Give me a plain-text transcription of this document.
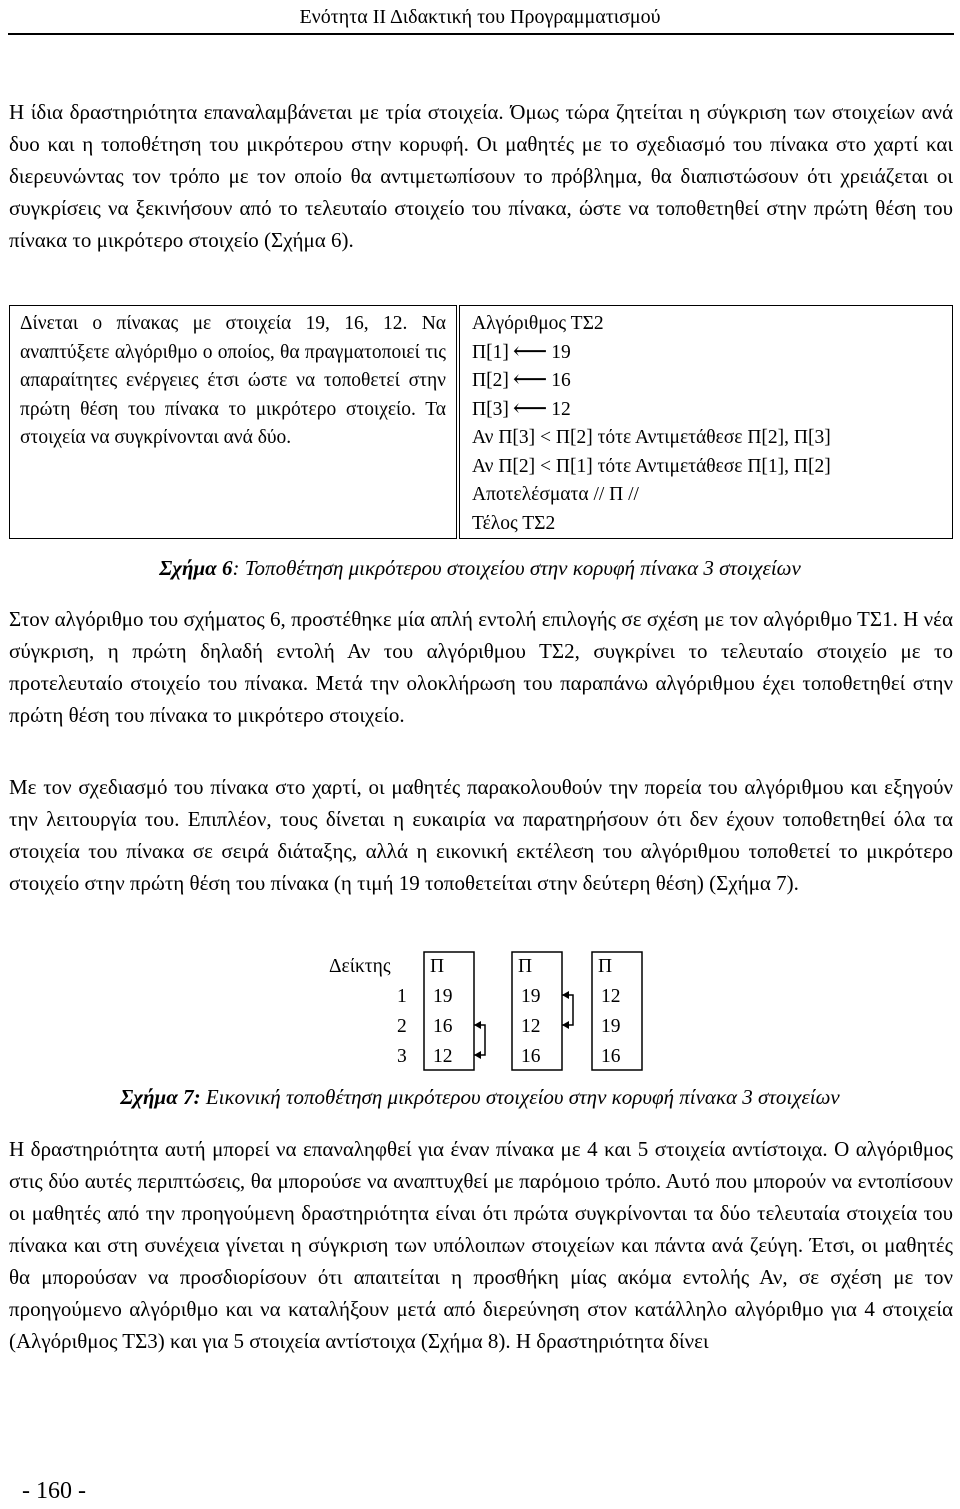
Ενότητα ΙΙ Διδακτική του Προγραμματισμού

Η ίδια δραστηριότητα επαναλαμβάνεται με τρία στοιχεία. Όμως τώρα ζητείται η σύγκριση των στοιχείων ανά δυο και η τοποθέτηση του μικρότερου στην κορυφή. Οι μαθητές με το σχεδιασμό του πίνακα στο χαρτί και διερευνώντας τον τρόπο με τον οποίο θα αντιμετωπίσουν το πρόβλημα, θα διαπιστώσουν ότι χρειάζεται οι συγκρίσεις να ξεκινήσουν από το τελευταίο στοιχείο του πίνακα, ώστε να τοποθετηθεί στην πρώτη θέση του πίνακα το μικρότερο στοιχείο (Σχήμα 6).

Δίνεται ο πίνακας με στοιχεία 19, 16, 12. Να αναπτύξετε αλγόριθμο ο οποίος, θα πραγματοποιεί τις απαραίτητες ενέργειες έτσι ώστε να τοποθετεί στην πρώτη θέση του πίνακα το μικρότερο στοιχείο. Τα στοιχεία να συγκρίνονται ανά δύο.

Αλγόριθμος ΤΣ2
Π[1] ⟵ 19
Π[2] ⟵ 16
Π[3] ⟵ 12
Αν Π[3] < Π[2] τότε Αντιμετάθεσε Π[2], Π[3]
Αν Π[2] < Π[1] τότε Αντιμετάθεσε Π[1], Π[2]
Αποτελέσματα // Π //
Τέλος ΤΣ2
Σχήμα 6: Τοποθέτηση μικρότερου στοιχείου στην κορυφή πίνακα 3 στοιχείων

Στον αλγόριθμο του σχήματος 6, προστέθηκε μία απλή εντολή επιλογής σε σχέση με τον αλγόριθμο ΤΣ1. Η νέα σύγκριση, η πρώτη δηλαδή εντολή Αν του αλγόριθμου ΤΣ2, συγκρίνει το τελευταίο στοιχείο με το προτελευταίο στοιχείο του πίνακα. Μετά την ολοκλήρωση του παραπάνω αλγόριθμου έχει τοποθετηθεί στην πρώτη θέση του πίνακα το μικρότερο στοιχείο.

Με τον σχεδιασμό του πίνακα στο χαρτί, οι μαθητές παρακολουθούν την πορεία του αλγόριθμου και εξηγούν την λειτουργία του. Επιπλέον, τους δίνεται η ευκαιρία να παρατηρήσουν ότι δεν έχουν τοποθετηθεί όλα τα στοιχεία του πίνακα σε σειρά διάταξης, αλλά η εικονική εκτέλεση του αλγόριθμου τοποθετεί το μικρότερο στοιχείο στην πρώτη θέση του πίνακα (η τιμή 19 τοποθετείται στην δεύτερη θέση) (Σχήμα 7).

Δείκτης Π	Π	Π
1
2
3
19
16
12
19
12
16
12
19
16
Σχήμα 7: Εικονική τοποθέτηση μικρότερου στοιχείου στην κορυφή πίνακα 3 στοιχείων

Η δραστηριότητα αυτή μπορεί να επαναληφθεί για έναν πίνακα με 4 και 5 στοιχεία αντίστοιχα. Ο αλγόριθμος στις δύο αυτές περιπτώσεις, θα μπορούσε να αναπτυχθεί με παρόμοιο τρόπο. Αυτό που μπορούν να εντοπίσουν οι μαθητές από την προηγούμενη δραστηριότητα είναι ότι πρώτα συγκρίνονται τα δύο τελευταία στοιχεία του πίνακα και στη συνέχεια γίνεται η σύγκριση των υπόλοιπων στοιχείων και πάντα ανά ζεύγη. Έτσι, οι μαθητές θα μπορούσαν να προσδιορίσουν ότι απαιτείται η προσθήκη μίας ακόμα εντολής Αν, σε σχέση με τον προηγούμενο αλγόριθμο και να καταλήξουν μετά από διερεύνηση στον κατάλληλο αλγόριθμο για 4 στοιχεία (Αλγόριθμος ΤΣ3) και για 5 στοιχεία αντίστοιχα (Σχήμα 8). Η δραστηριότητα δίνει

- 160 -
